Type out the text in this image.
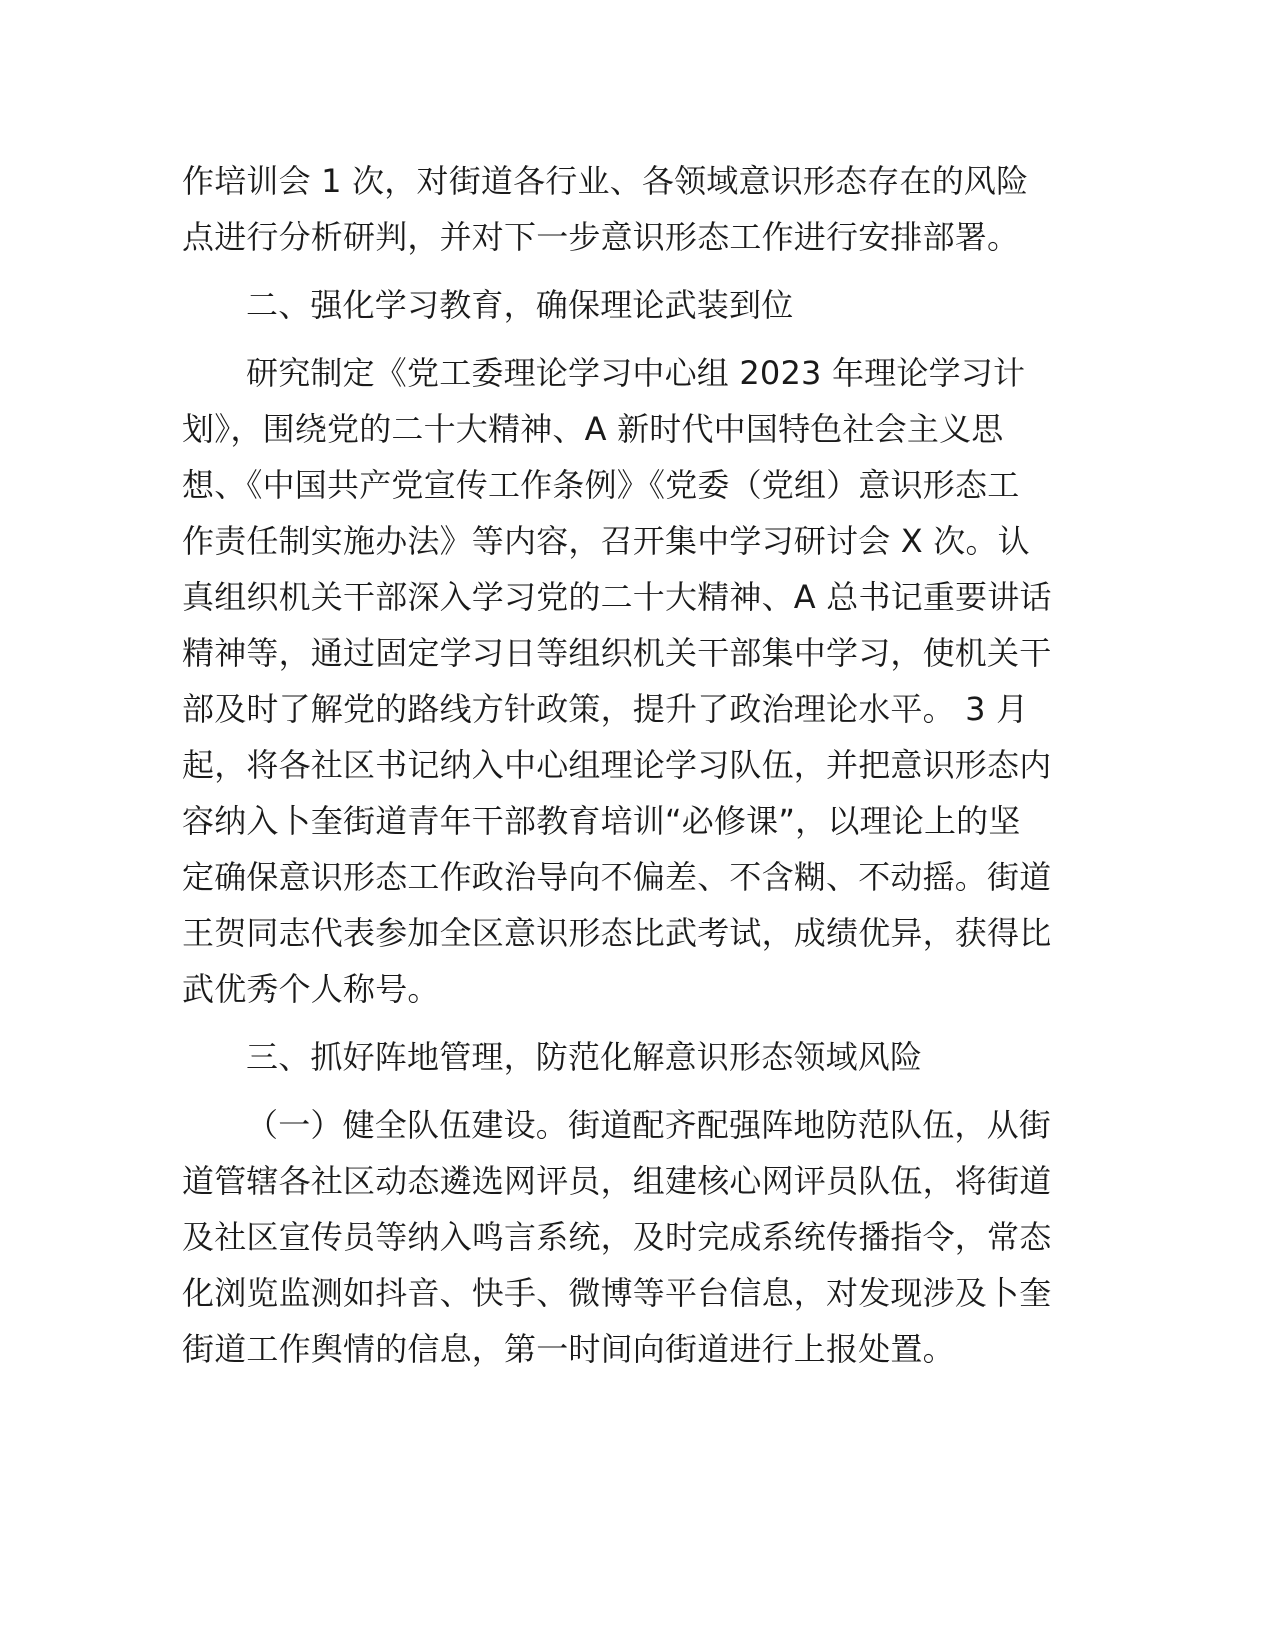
作培训会 1 次，对街道各行业、各领域意识形态存在的风险
点进行分析研判，并对下一步意识形态工作进行安排部署。
二、强化学习教育，确保理论武装到位
研究制定《党工委理论学习中心组 2023 年理论学习计
划》，围绕党的二十大精神、A 新时代中国特色社会主义思
想、《中国共产党宣传工作条例》《党委（党组）意识形态工
作责任制实施办法》等内容，召开集中学习研讨会 X 次。认
真组织机关干部深入学习党的二十大精神、A 总书记重要讲话
精神等，通过固定学习日等组织机关干部集中学习，使机关干
部及时了解党的路线方针政策，提升了政治理论水平。 3 月
起，将各社区书记纳入中心组理论学习队伍，并把意识形态内
容纳入卜奎街道青年干部教育培训“必修课”，以理论上的坚
定确保意识形态工作政治导向不偏差、不含糊、不动摇。街道
王贺同志代表参加全区意识形态比武考试，成绩优异，获得比
武优秀个人称号。
三、抓好阵地管理，防范化解意识形态领域风险
（一）健全队伍建设。街道配齐配强阵地防范队伍，从街
道管辖各社区动态遴选网评员，组建核心网评员队伍，将街道
及社区宣传员等纳入鸣言系统，及时完成系统传播指令，常态
化浏览监测如抖音、快手、微博等平台信息，对发现涉及卜奎
街道工作舆情的信息，第一时间向街道进行上报处置。
